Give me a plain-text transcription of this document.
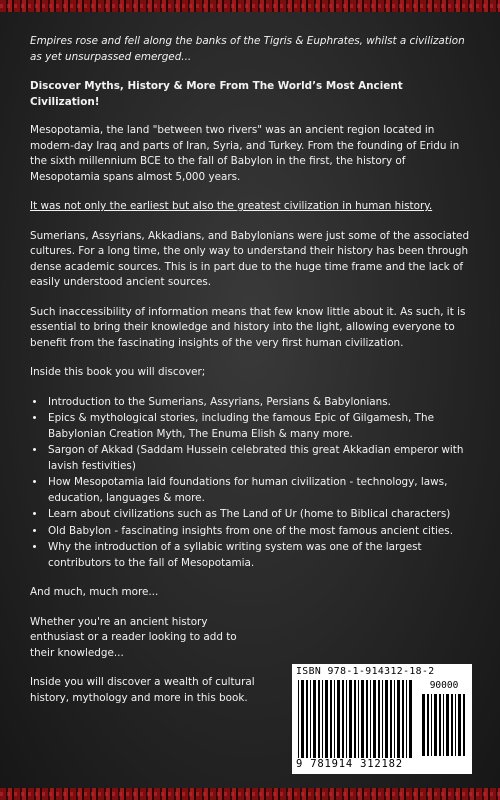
Empires rose and fell along the banks of the Tigris & Euphrates, whilst a civilization as yet unsurpassed emerged...

Discover Myths, History & More From The World’s Most Ancient Civilization!

Mesopotamia, the land "between two rivers" was an ancient region located in modern-day Iraq and parts of Iran, Syria, and Turkey. From the founding of Eridu in the sixth millennium BCE to the fall of Babylon in the first, the history of Mesopotamia spans almost 5,000 years.

It was not only the earliest but also the greatest civilization in human history.

Sumerians, Assyrians, Akkadians, and Babylonians were just some of the associated cultures. For a long time, the only way to understand their history has been through dense academic sources. This is in part due to the huge time frame and the lack of easily understood ancient sources.

Such inaccessibility of information means that few know little about it. As such, it is essential to bring their knowledge and history into the light, allowing everyone to benefit from the fascinating insights of the very first human civilization.

Inside this book you will discover;

• Introduction to the Sumerians, Assyrians, Persians & Babylonians.
• Epics & mythological stories, including the famous Epic of Gilgamesh, The Babylonian Creation Myth, The Enuma Elish & many more.
• Sargon of Akkad (Saddam Hussein celebrated this great Akkadian emperor with lavish festivities)
• How Mesopotamia laid foundations for human civilization - technology, laws, education, languages & more.
• Learn about civilizations such as The Land of Ur (home to Biblical characters)
• Old Babylon - fascinating insights from one of the most famous ancient cities.
• Why the introduction of a syllabic writing system was one of the largest contributors to the fall of Mesopotamia.

And much, much more...

Whether you're an ancient history enthusiast or a reader looking to add to their knowledge...

Inside you will discover a wealth of cultural history, mythology and more in this book.

ISBN 978-1-914312-18-2
90000
9 781914 312182
